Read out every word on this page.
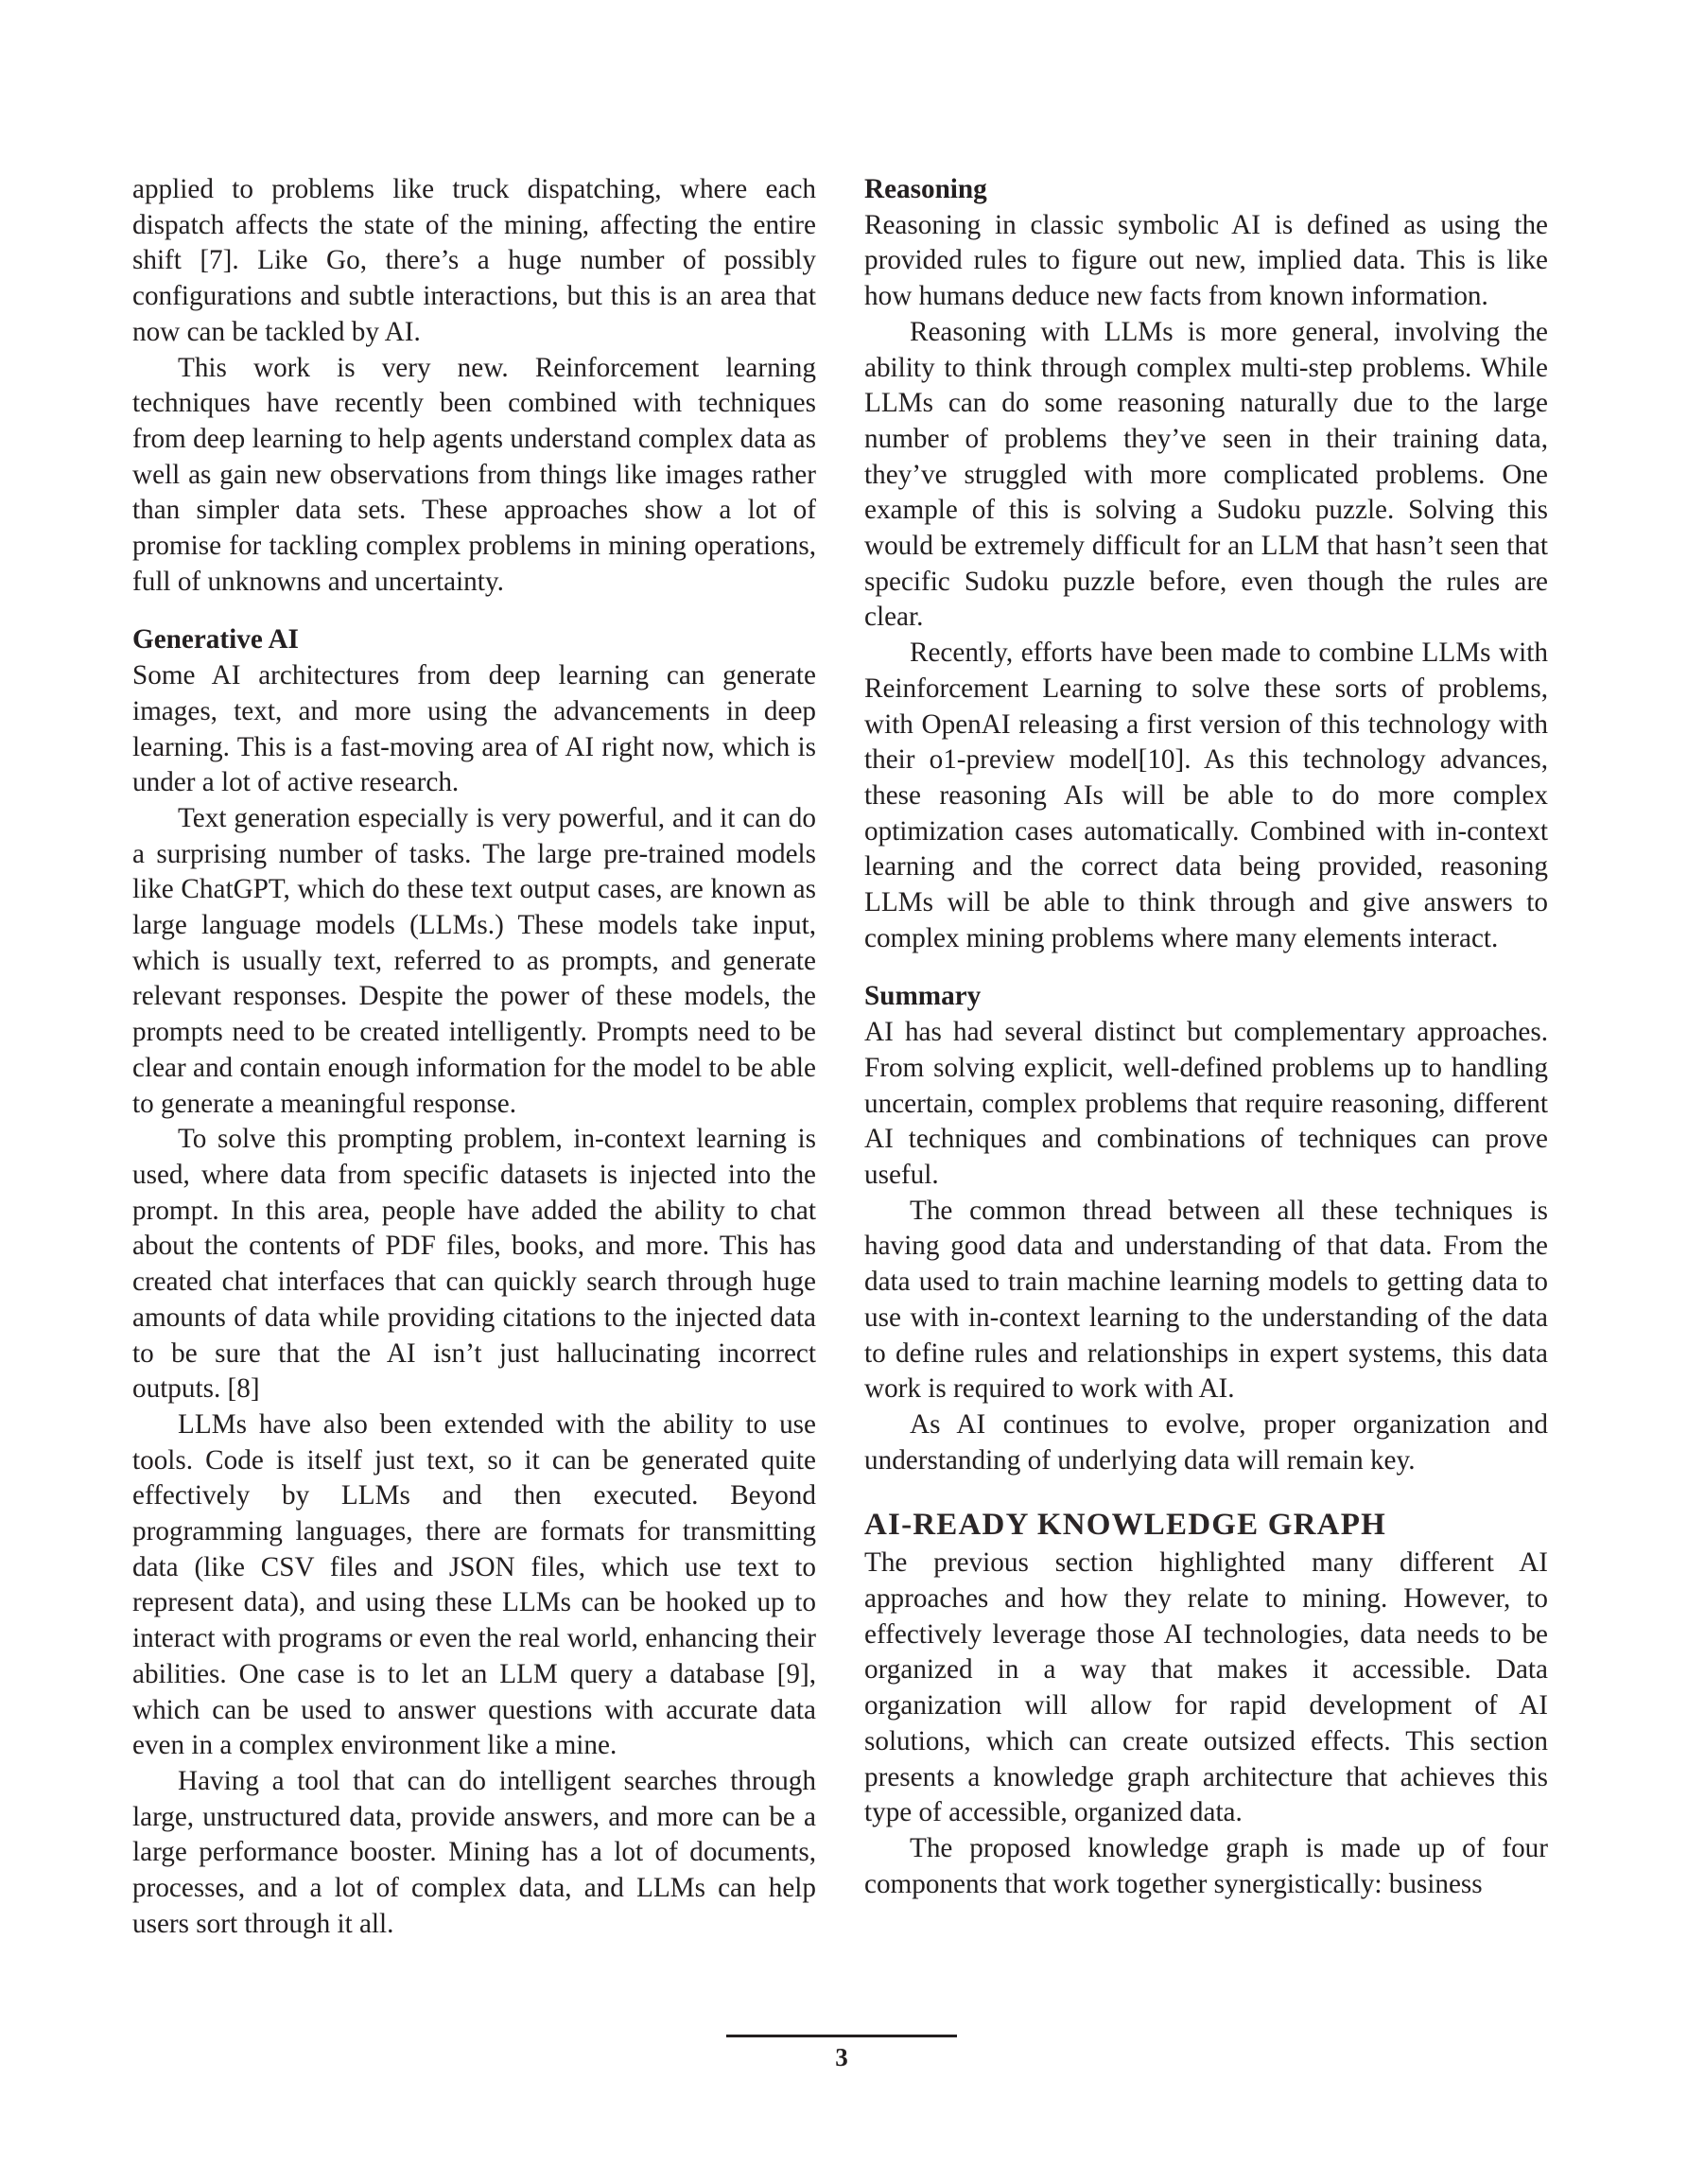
applied to problems like truck dispatching, where each dispatch affects the state of the mining, affecting the entire shift [7]. Like Go, there’s a huge number of possibly configurations and subtle interactions, but this is an area that now can be tackled by AI.

This work is very new. Reinforcement learning techniques have recently been combined with techniques from deep learning to help agents understand complex data as well as gain new observations from things like images rather than simpler data sets. These approaches show a lot of promise for tackling complex problems in mining operations, full of unknowns and uncertainty.

Generative AI

Some AI architectures from deep learning can generate images, text, and more using the advancements in deep learning. This is a fast-moving area of AI right now, which is under a lot of active research.

Text generation especially is very powerful, and it can do a surprising number of tasks. The large pre-trained models like ChatGPT, which do these text output cases, are known as large language models (LLMs.) These models take input, which is usually text, referred to as prompts, and generate relevant responses. Despite the power of these models, the prompts need to be created intelligently. Prompts need to be clear and contain enough information for the model to be able to generate a meaningful response.

To solve this prompting problem, in-context learning is used, where data from specific datasets is injected into the prompt. In this area, people have added the ability to chat about the contents of PDF files, books, and more. This has created chat interfaces that can quickly search through huge amounts of data while providing citations to the injected data to be sure that the AI isn’t just hallucinating incorrect outputs. [8]

LLMs have also been extended with the ability to use tools. Code is itself just text, so it can be generated quite effectively by LLMs and then executed. Beyond programming languages, there are formats for transmitting data (like CSV files and JSON files, which use text to represent data), and using these LLMs can be hooked up to interact with programs or even the real world, enhancing their abilities. One case is to let an LLM query a database [9], which can be used to answer questions with accurate data even in a complex environment like a mine.

Having a tool that can do intelligent searches through large, unstructured data, provide answers, and more can be a large performance booster. Mining has a lot of documents, processes, and a lot of complex data, and LLMs can help users sort through it all.

Reasoning

Reasoning in classic symbolic AI is defined as using the provided rules to figure out new, implied data. This is like how humans deduce new facts from known information.

Reasoning with LLMs is more general, involving the ability to think through complex multi-step problems. While LLMs can do some reasoning naturally due to the large number of problems they’ve seen in their training data, they’ve struggled with more complicated problems. One example of this is solving a Sudoku puzzle. Solving this would be extremely difficult for an LLM that hasn’t seen that specific Sudoku puzzle before, even though the rules are clear.

Recently, efforts have been made to combine LLMs with Reinforcement Learning to solve these sorts of problems, with OpenAI releasing a first version of this technology with their o1-preview model[10]. As this technology advances, these reasoning AIs will be able to do more complex optimization cases automatically. Combined with in-context learning and the correct data being provided, reasoning LLMs will be able to think through and give answers to complex mining problems where many elements interact.

Summary

AI has had several distinct but complementary approaches. From solving explicit, well-defined problems up to handling uncertain, complex problems that require reasoning, different AI techniques and combinations of techniques can prove useful.

The common thread between all these techniques is having good data and understanding of that data. From the data used to train machine learning models to getting data to use with in-context learning to the understanding of the data to define rules and relationships in expert systems, this data work is required to work with AI.

As AI continues to evolve, proper organization and understanding of underlying data will remain key.

AI-READY KNOWLEDGE GRAPH

The previous section highlighted many different AI approaches and how they relate to mining. However, to effectively leverage those AI technologies, data needs to be organized in a way that makes it accessible. Data organization will allow for rapid development of AI solutions, which can create outsized effects. This section presents a knowledge graph architecture that achieves this type of accessible, organized data.

The proposed knowledge graph is made up of four components that work together synergistically: business

3
